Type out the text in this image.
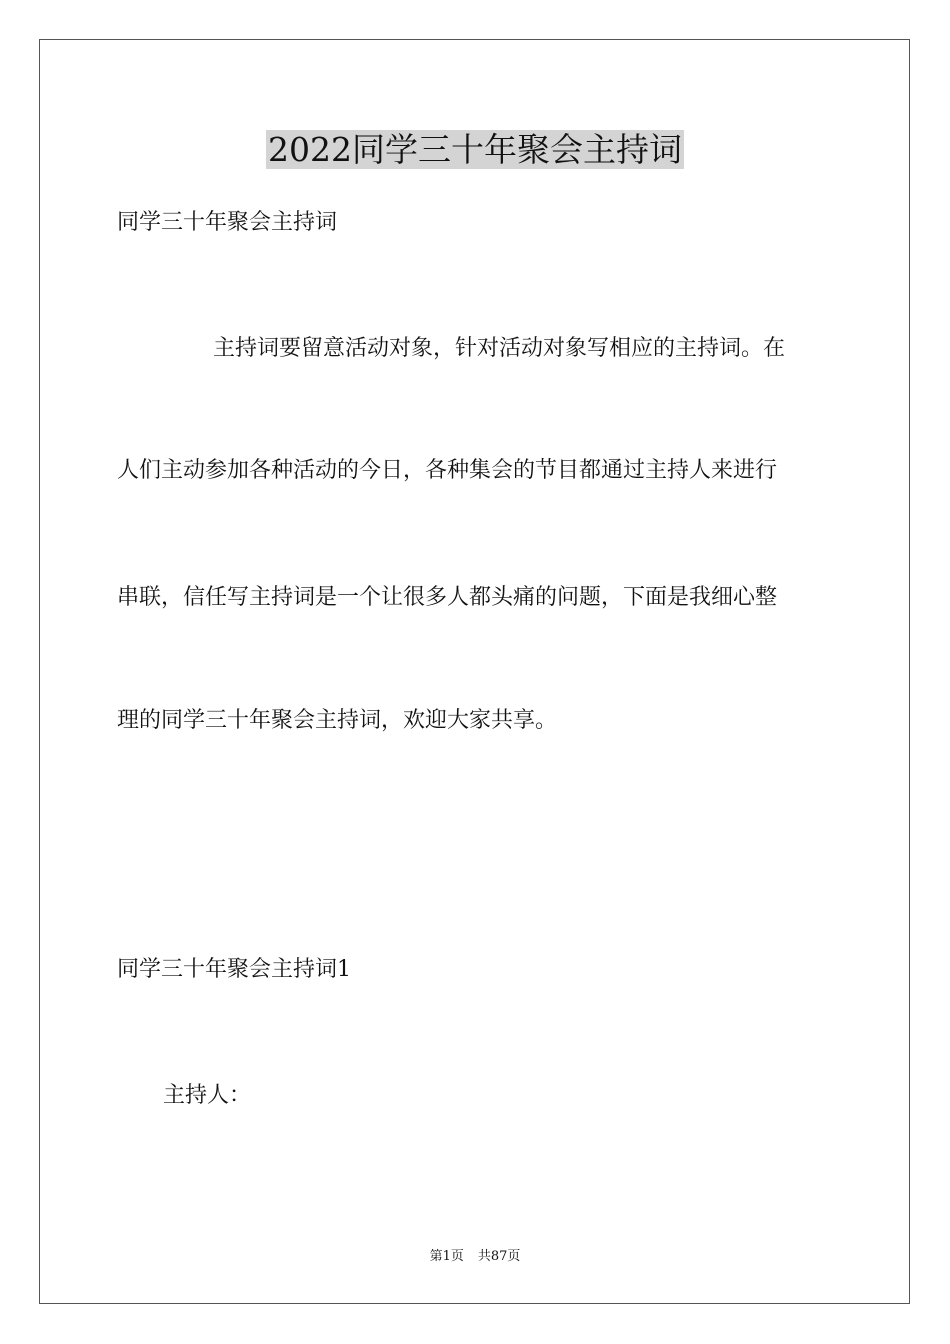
2022同学三十年聚会主持词
同学三十年聚会主持词
主持词要留意活动对象，针对活动对象写相应的主持词。在
人们主动参加各种活动的今日，各种集会的节目都通过主持人来进行
串联，信任写主持词是一个让很多人都头痛的问题，下面是我细心整
理的同学三十年聚会主持词，欢迎大家共享。
同学三十年聚会主持词1
主持人：
第1页 共87页
